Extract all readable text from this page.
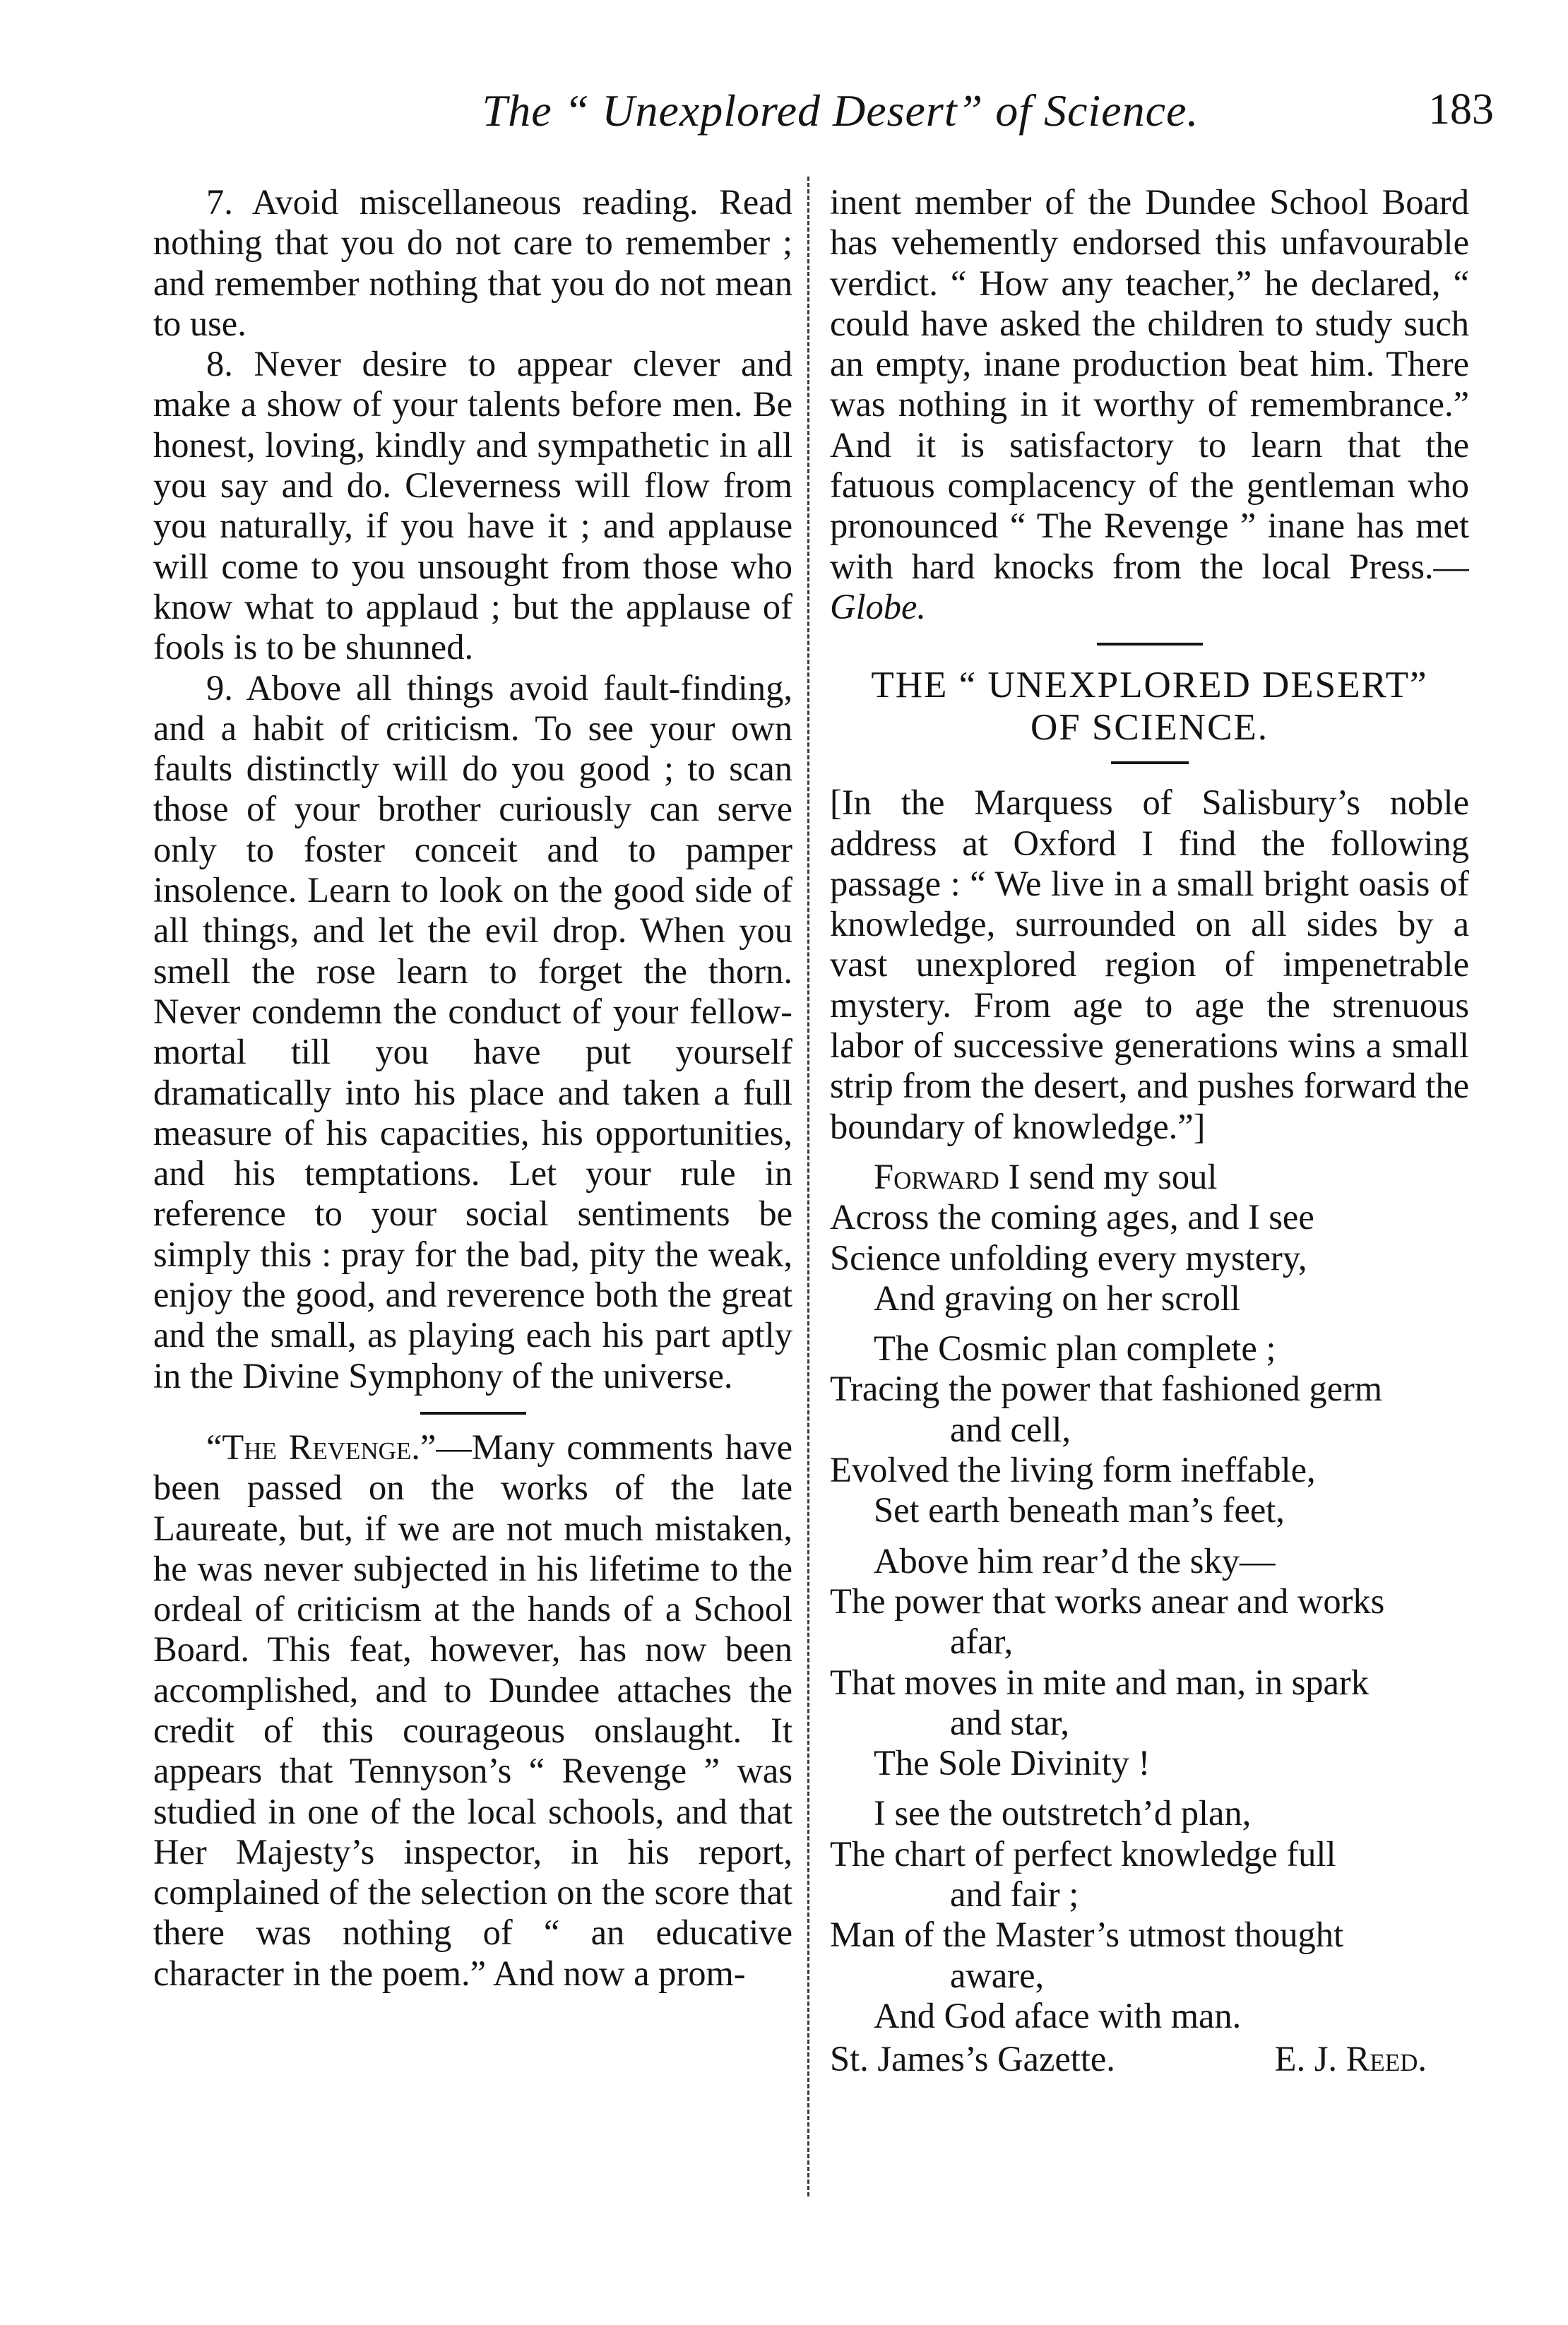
The “ Unexplored Desert” of Science.	183

7. Avoid miscellaneous reading. Read nothing that you do not care to remember ; and remember nothing that you do not mean to use.

8. Never desire to appear clever and make a show of your talents before men. Be honest, loving, kindly and sympathetic in all you say and do. Cleverness will flow from you naturally, if you have it ; and applause will come to you unsought from those who know what to applaud ; but the applause of fools is to be shunned.

9. Above all things avoid fault-finding, and a habit of criticism. To see your own faults distinctly will do you good ; to scan those of your brother curiously can serve only to foster conceit and to pamper insolence. Learn to look on the good side of all things, and let the evil drop. When you smell the rose learn to forget the thorn. Never condemn the conduct of your fellow-mortal till you have put yourself dramatically into his place and taken a full measure of his capacities, his opportunities, and his temptations. Let your rule in reference to your social sentiments be simply this : pray for the bad, pity the weak, enjoy the good, and reverence both the great and the small, as playing each his part aptly in the Divine Symphony of the universe.

“The Revenge.”—Many comments have been passed on the works of the late Laureate, but, if we are not much mistaken, he was never subjected in his lifetime to the ordeal of criticism at the hands of a School Board. This feat, however, has now been accomplished, and to Dundee attaches the credit of this courageous onslaught. It appears that Tennyson’s “ Revenge ” was studied in one of the local schools, and that Her Majesty’s inspector, in his report, complained of the selection on the score that there was nothing of “ an educative character in the poem.” And now a prom-

inent member of the Dundee School Board has vehemently endorsed this unfavourable verdict. “ How any teacher,” he declared, “ could have asked the children to study such an empty, inane production beat him. There was nothing in it worthy of remembrance.” And it is satisfactory to learn that the fatuous complacency of the gentleman who pronounced “ The Revenge ” inane has met with hard knocks from the local Press.— Globe.

THE “ UNEXPLORED DESERT”
OF SCIENCE.

[In the Marquess of Salisbury’s noble address at Oxford I find the following passage : “ We live in a small bright oasis of knowledge, surrounded on all sides by a vast unexplored region of impenetrable mystery. From age to age the strenuous labor of successive generations wins a small strip from the desert, and pushes forward the boundary of knowledge.”]

Forward I send my soul
Across the coming ages, and I see
Science unfolding every mystery,
And graving on her scroll
The Cosmic plan complete ;
Tracing the power that fashioned germ
and cell,
Evolved the living form ineffable,
Set earth beneath man’s feet,
Above him rear’d the sky—
The power that works anear and works
afar,
That moves in mite and man, in spark
and star,
The Sole Divinity !
I see the outstretch’d plan,
The chart of perfect knowledge full
and fair ;
Man of the Master’s utmost thought
aware,
And God aface with man.
St. James’s Gazette.	E. J. Reed.
